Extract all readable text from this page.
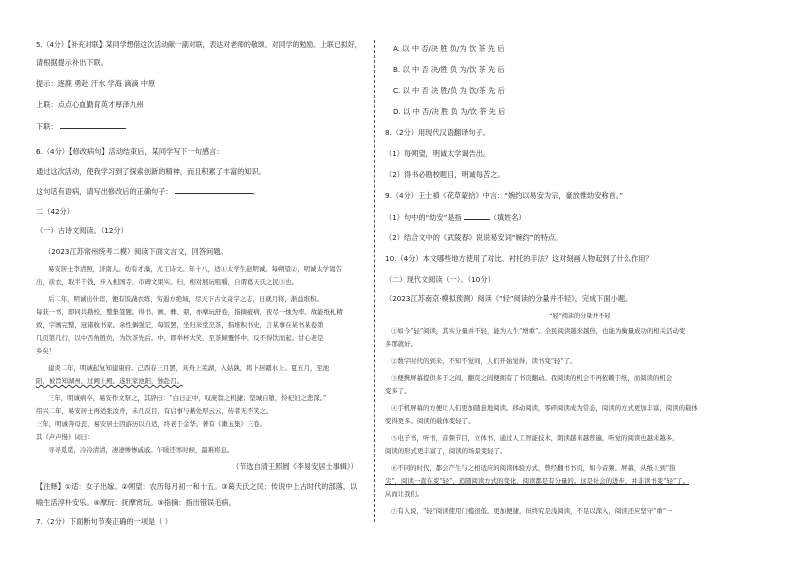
5.（4分）【补充对联】某同学想借这次活动献一副对联，表达对老师的敬颂、对同学的勉励。上联已拟好，
请根据提示补出下联。
提示：逐鹿 勇赴 汗水 学海 滴滴 中原
上联：点点心血勤育英才厚泽九州
下联：
6.（4分）【修改病句】活动结束后，某同学写下一句感言：
通过这次活动，使我学习到了探索创新的精神，而且积累了丰富的知识。
这句话有语病，请写出修改后的正确句子：	。
二（42分）
（一）古诗文阅读。（12分）
（2023江苏常州统考二模）阅读下面文言文，回答问题。
易安居士李清照，济南人。幼有才藻，尤工诗文。年十八，适①太学生赵明诚。每朔望②，明诚太学谒告
出，质衣，取半千钱，步入相国寺，市碑文果实。归，相对展玩咀嚼，自谓葛天氏之民③也。
后二年，明诚出仕宦，便有饭蔬衣练，穷遐方绝域，尽天下古文奇字之志，日就月将，渐益堆积。
每获一书，即同共勘校，整集签题。得书、画、彝、鼎，亦摩玩舒卷，指摘疵病，夜尽一烛为率。故能纸札精
致，字画完整，冠诸收书家。余性偶强记，每饭罢，坐归来堂烹茶，指堆积书史，言某事在某书某卷第
几页第几行，以中否角胜负，为饮茶先后。中，即举杯大笑，至茶倾覆怀中，反不得饮而起。甘心老是
乡矣！
建炎二年，明诚起复知建康府。己酉春三月罢，具舟上芜湖，入姑孰，将卜居赣水上。夏五月，至池
阳，被旨知湖州，过阙上殿。遂驻家池阳，独赴召。
三年，明诚病卒，易安作文祭之，其辞曰：“白日正中，叹庞翁之机捷；坚城自堕，怜杞妇之悲深。”
绍兴二年，易安居士再适张汝舟，未几反目，有启事与綦处厚云云，传者无不笑之。
三年，明诚奔母丧，易安居士因游历以自适，终老于金华。著有《漱玉集》三卷。
其《声声慢》词曰：
寻寻觅觅，冷冷清清，凄凄惨惨戚戚。乍暖还寒时候，最难将息。
（节选自清王照圆《李易安居士事辑》）
【注释】①适：女子出嫁。②朔望：农历每月初一和十五。③葛天氏之民：传说中上古时代的部落，以
喻生活淳朴安乐。④摩玩：抚摩赏玩。⑤指摘：指出错误毛病。
7.（2分）下面断句节奏正确的一项是（ ）
A. 以 中 否/决 胜 负/为 饮 茶 先 后
B. 以 中 否 决/胜 负 为/饮 茶 先 后
C. 以 中 否 决 胜/负 为 饮/茶 先 后
D. 以 中 否/决 胜 负 为/饮 茶 先 后
8.（2分）用现代汉语翻译句子。
（1）每朔望，明诚太学谒告出。
（2）得书必勘校题目，明诚每苦之。
9.（4分）王士禛《花草蒙拾》中言：“婉约以易安为宗，豪放惟幼安称首。”
（1）句中的“幼安”是指	（填姓名）
（2）结合文中的《武陵春》说说易安词“婉约”的特点。
10.（4分）本文哪些地方使用了对比、衬托的手法？这对刻画人物起到了什么作用？
（二）现代文阅读（一）。（10分）
（2023江苏南京·模拟预测）阅读《“轻”阅读的分量并不轻》，完成下面小题。
“轻”阅读的分量并不轻
①如今“轻”阅读，其实分量并不轻，能为人生“增重”。全民阅读越来越热，也能为衡量成功的相关活动变
多那就好。
②数字时代的到来，不知不觉间，人们开始觉得，读书变“轻”了。
③便携屏幕提供多于之间，翻页之间便拥有了书页翻动。我阅读的机会不再依赖于纸，而阅读的机会
变多了。
④手机屏幕的方便让人们更加随意地阅读。移动阅读，零碎阅读成为常态，阅读的方式更加丰富，阅读的载体
变得更多。阅读的载体变轻了。
⑤电子书，听书，音频节目，立体书，通过人工智能技术，朗读越来越普遍，听觉的阅读也越来越多，
阅读的形式更丰富了，阅读的场景变轻了。
⑥不同的时代，都会产生与之相适应的阅读体验方式，曾经翻书书页，如今音频、屏幕，从纸上到“指
尖”，阅读一直在变“轻”，追随阅读方式的变化，阅读都是有分量的。这是社会的进步，并非读书变“轻”了。
从而让我们。
⑦有人说，“轻”阅读使用门槛很低，更加便捷，但终究是浅阅读，不足以深入，阅读还应坚守“重”一
